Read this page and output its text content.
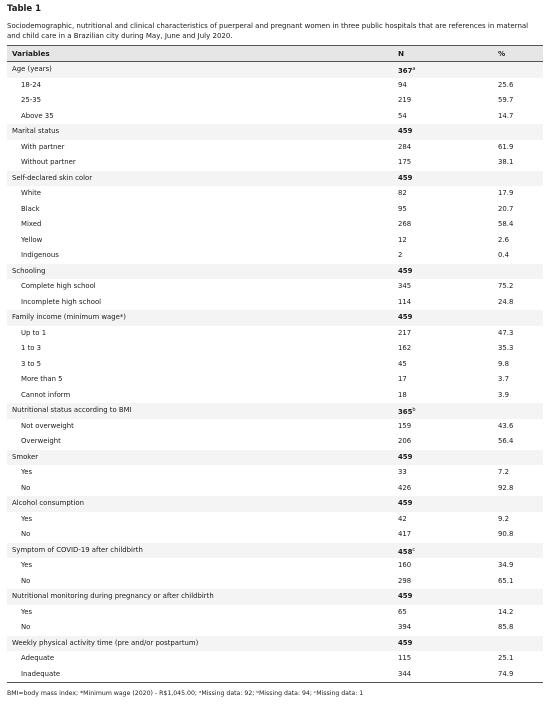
Table 1
Sociodemographic, nutritional and clinical characteristics of puerperal and pregnant women in three public hospitals that are references in maternal and child care in a Brazilian city during May, June and July 2020.
Variables	N	%
Age (years)	367$^a$
18-24	94	25.6
25-35	219	59.7
Above 35	54	14.7
Marital status	459
With partner	284	61.9
Without partner	175	38.1
Self-declared skin color	459
White	82	17.9
Black	95	20.7
Mixed	268	58.4
Yellow	12	2.6
Indigenous	2	0.4
Schooling	459
Complete high school	345	75.2
Incomplete high school	114	24.8
Family income (minimum wage*)	459
Up to 1	217	47.3
1 to 3	162	35.3
3 to 5	45	9.8
More than 5	17	3.7
Cannot inform	18	3.9
Nutritional status according to BMI	365$^b$
Not overweight	159	43.6
Overweight	206	56.4
Smoker	459
Yes	33	7.2
No	426	92.8
Alcohol consumption	459
Yes	42	9.2
No	417	90.8
Symptom of COVID-19 after childbirth	458$^c$
Yes	160	34.9
No	298	65.1
Nutritional monitoring during pregnancy or after childbirth	459
Yes	65	14.2
No	394	85.8
Weekly physical activity time (pre and/or postpartum)	459
Adequate	115	25.1
Inadequate	344	74.9
BMI=body mass index; *Minimum wage (2020) - R$1,045.00; ᵃMissing data: 92; ᵇMissing data: 94; ᶜMissing data: 1
